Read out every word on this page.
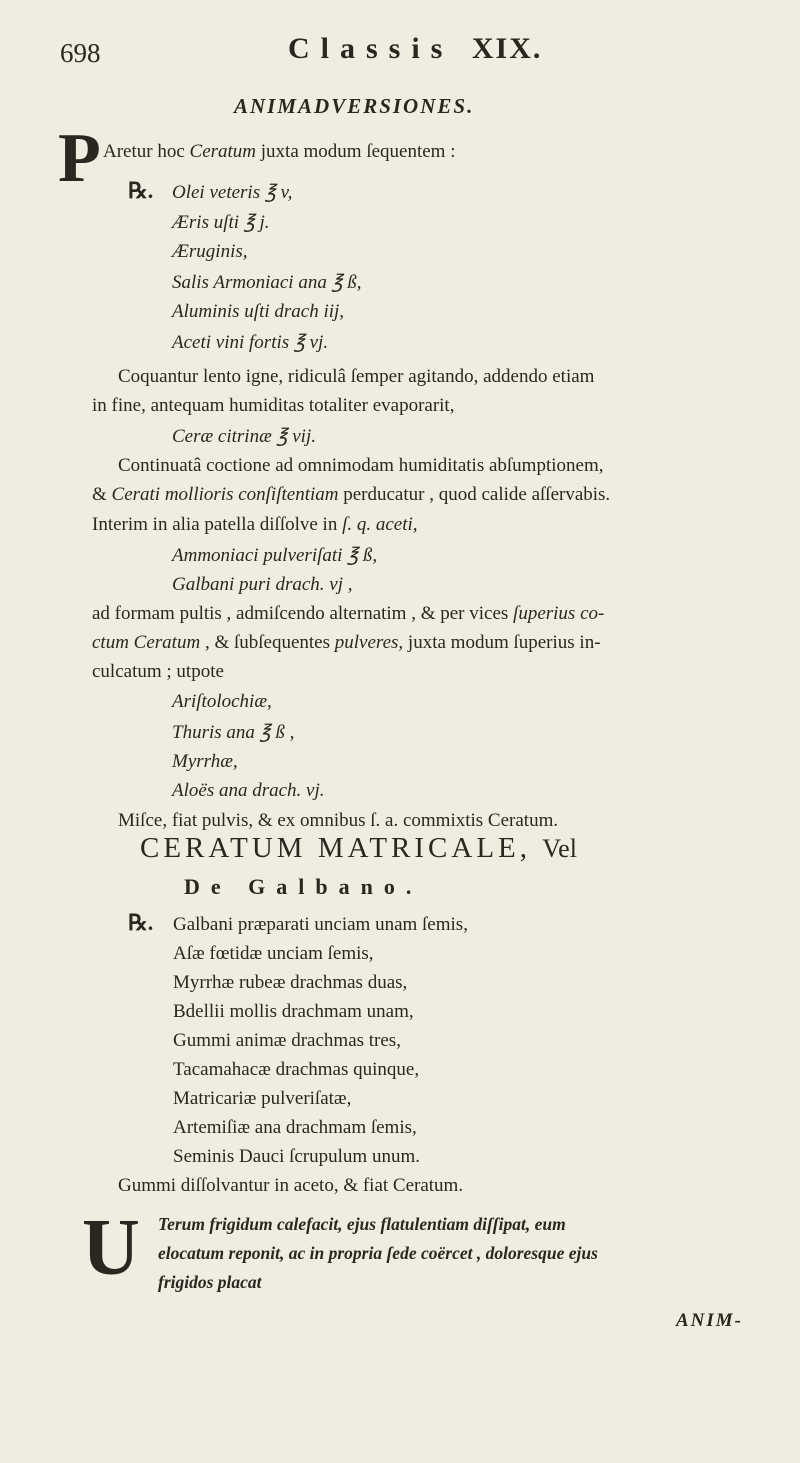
698	Classis XIX.
ANIMADVERSIONES.
P Aretur hoc Ceratum juxta modum ſequentem :
℞. Olei veteris ℥ v,
Æris uſti ℥ j.
Æruginis,
Salis Armoniaci ana ℥ ß,
Aluminis uſti drach iij,
Aceti vini fortis ℥ vj.
Coquantur lento igne, ridiculâ ſemper agitando, addendo etiam
in fine, antequam humiditas totaliter evaporarit,
Ceræ citrinæ ℥ vij.
Continuatâ coctione ad omnimodam humiditatis abſumptionem,
& Cerati mollioris conſiſtentiam perducatur , quod calide aſſervabis.
Interim in alia patella diſſolve in ſ. q. aceti,
Ammoniaci pulveriſati ℥ ß,
Galbani puri drach. vj ,
ad formam pultis , admiſcendo alternatim , & per vices ſuperius co-
ctum Ceratum , & ſubſequentes pulveres, juxta modum ſuperius in-
culcatum ; utpote
Ariſtolochiæ,
Thuris ana ℥ ß ,
Myrrhæ,
Aloës ana drach. vj.
Miſce, fiat pulvis, & ex omnibus ſ. a. commixtis Ceratum.
CERATUM MATRICALE, Vel
De Galbano.
℞. Galbani præparati unciam unam ſemis,
Aſæ fœtidæ unciam ſemis,
Myrrhæ rubeæ drachmas duas,
Bdellii mollis drachmam unam,
Gummi animæ drachmas tres,
Tacamahacæ drachmas quinque,
Matricariæ pulveriſatæ,
Artemiſiæ ana drachmam ſemis,
Seminis Dauci ſcrupulum unum.
Gummi diſſolvantur in aceto, & fiat Ceratum.
U Terum frigidum calefacit, ejus flatulentiam diſſipat, eum
elocatum reponit, ac in propria ſede coërcet , doloresque ejus
frigidos placat
ANIM-
